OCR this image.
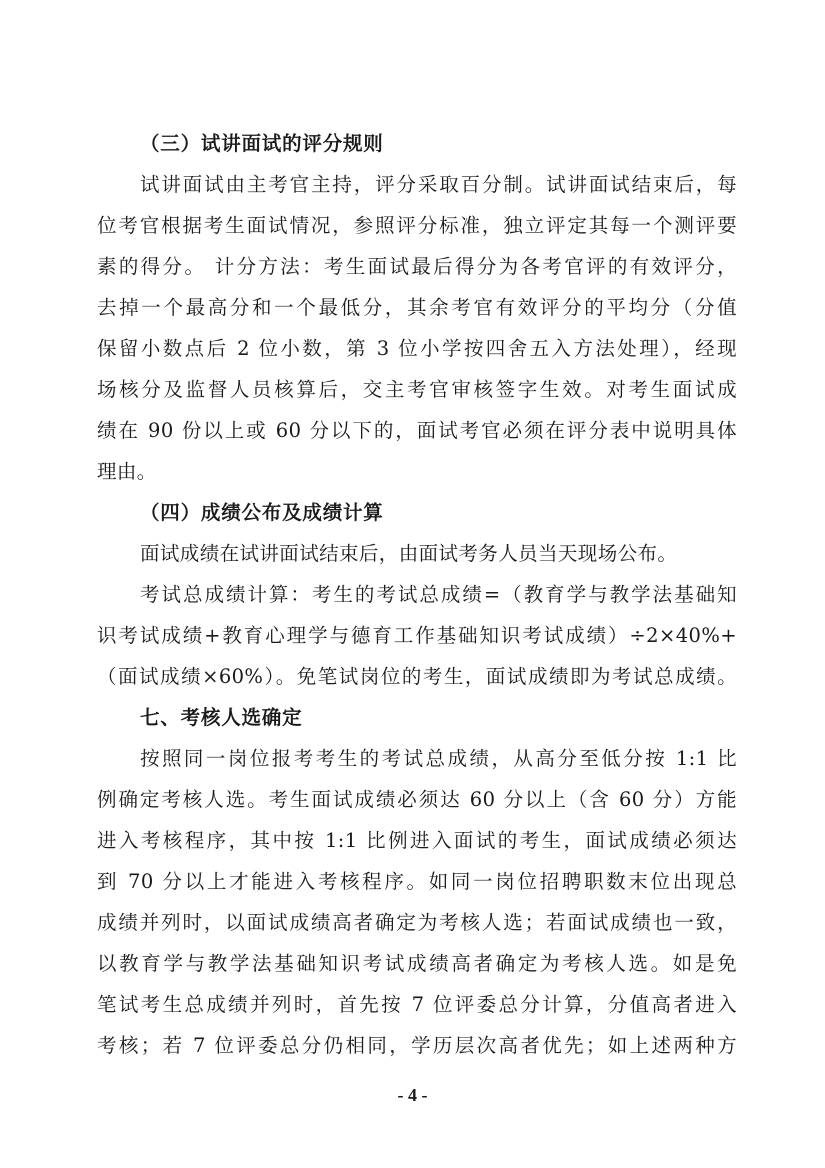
（三）试讲面试的评分规则
试讲面试由主考官主持，评分采取百分制。试讲面试结束后，每
位考官根据考生面试情况，参照评分标准，独立评定其每一个测评要
素的得分。 计分方法：考生面试最后得分为各考官评的有效评分，
去掉一个最高分和一个最低分，其余考官有效评分的平均分（分值
保留小数点后 2 位小数，第 3 位小学按四舍五入方法处理），经现
场核分及监督人员核算后，交主考官审核签字生效。对考生面试成
绩在 90 份以上或 60 分以下的，面试考官必须在评分表中说明具体
理由。
（四）成绩公布及成绩计算
面试成绩在试讲面试结束后，由面试考务人员当天现场公布。
考试总成绩计算：考生的考试总成绩=（教育学与教学法基础知
识考试成绩+教育心理学与德育工作基础知识考试成绩）÷2×40%+
（面试成绩×60%）。免笔试岗位的考生，面试成绩即为考试总成绩。
七、考核人选确定
按照同一岗位报考考生的考试总成绩，从高分至低分按 1:1 比
例确定考核人选。考生面试成绩必须达 60 分以上（含 60 分）方能
进入考核程序，其中按 1:1 比例进入面试的考生，面试成绩必须达
到 70 分以上才能进入考核程序。如同一岗位招聘职数末位出现总
成绩并列时，以面试成绩高者确定为考核人选；若面试成绩也一致，
以教育学与教学法基础知识考试成绩高者确定为考核人选。如是免
笔试考生总成绩并列时，首先按 7 位评委总分计算，分值高者进入
考核；若 7 位评委总分仍相同，学历层次高者优先；如上述两种方
- 4 -
